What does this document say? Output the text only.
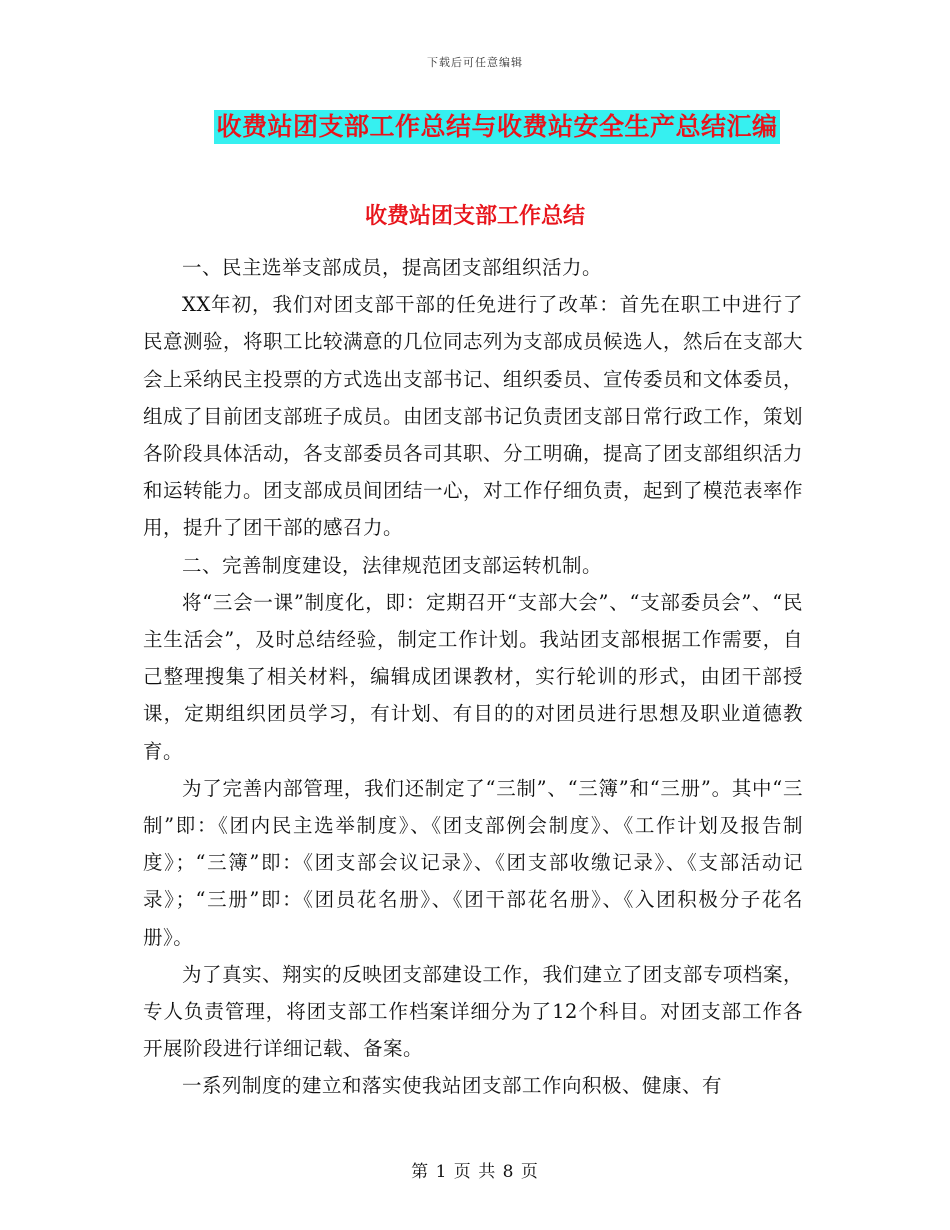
下载后可任意编辑
收费站团支部工作总结与收费站安全生产总结汇编
收费站团支部工作总结

一、民主选举支部成员，提高团支部组织活力。

XX年初，我们对团支部干部的任免进行了改革：首先在职工中进行了民意测验，将职工比较满意的几位同志列为支部成员候选人，然后在支部大会上采纳民主投票的方式选出支部书记、组织委员、宣传委员和文体委员，组成了目前团支部班子成员。由团支部书记负责团支部日常行政工作，策划各阶段具体活动，各支部委员各司其职、分工明确，提高了团支部组织活力和运转能力。团支部成员间团结一心，对工作仔细负责，起到了模范表率作用，提升了团干部的感召力。

二、完善制度建设，法律规范团支部运转机制。

将“三会一课”制度化，即：定期召开“支部大会”、“支部委员会”、“民主生活会”，及时总结经验，制定工作计划。我站团支部根据工作需要，自己整理搜集了相关材料，编辑成团课教材，实行轮训的形式，由团干部授课，定期组织团员学习，有计划、有目的的对团员进行思想及职业道德教育。

为了完善内部管理，我们还制定了“三制”、“三簿”和“三册”。其中“三制”即：《团内民主选举制度》、《团支部例会制度》、《工作计划及报告制度》；“三簿”即：《团支部会议记录》、《团支部收缴记录》、《支部活动记录》；“三册”即：《团员花名册》、《团干部花名册》、《入团积极分子花名册》。

为了真实、翔实的反映团支部建设工作，我们建立了团支部专项档案，专人负责管理，将团支部工作档案详细分为了12个科目。对团支部工作各开展阶段进行详细记载、备案。

一系列制度的建立和落实使我站团支部工作向积极、健康、有

第 1 页 共 8 页
